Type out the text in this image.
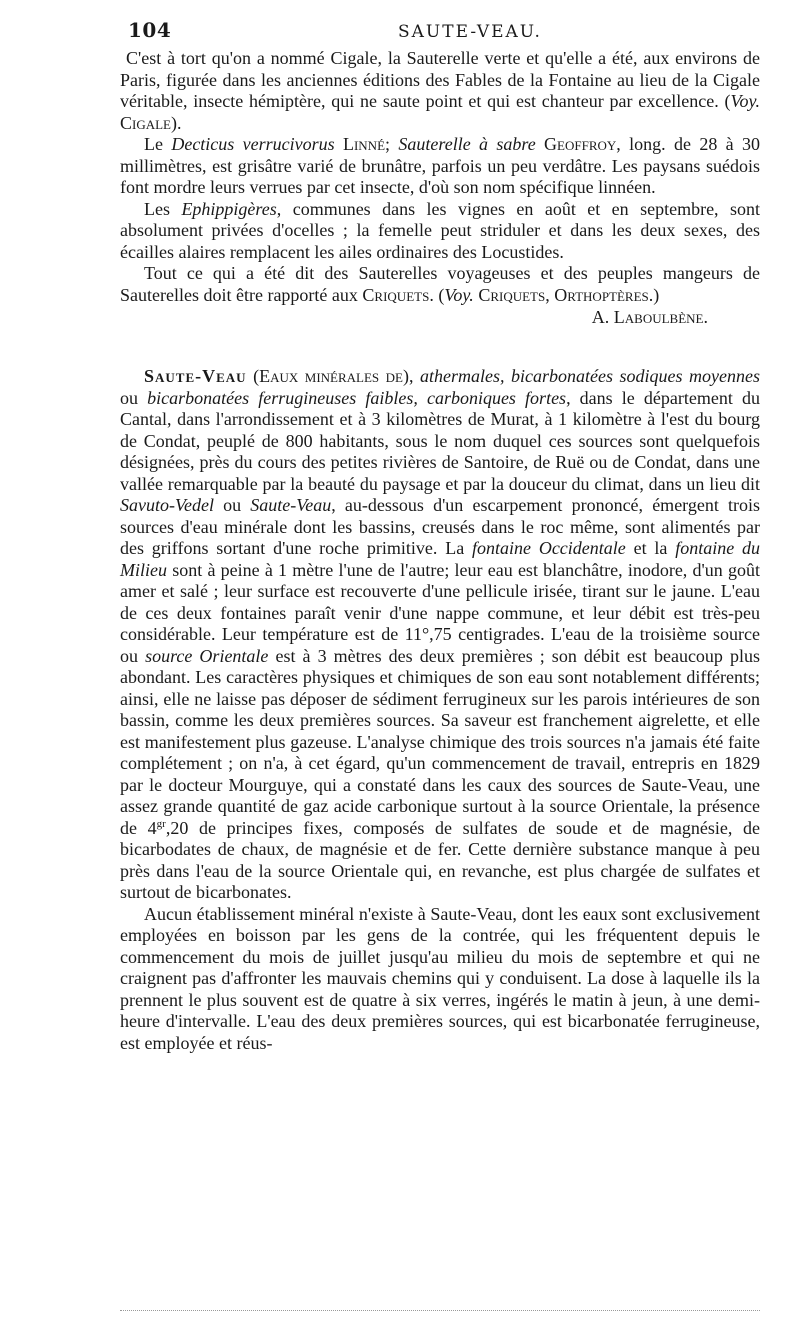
104	SAUTE-VEAU.

C'est à tort qu'on a nommé Cigale, la Sauterelle verte et qu'elle a été, aux environs de Paris, figurée dans les anciennes éditions des Fables de la Fontaine au lieu de la Cigale véritable, insecte hémiptère, qui ne saute point et qui est chanteur par excellence. (Voy. Cigale).

Le Decticus verrucivorus Linné; Sauterelle à sabre Geoffroy, long. de 28 à 30 millimètres, est grisâtre varié de brunâtre, parfois un peu verdâtre. Les paysans suédois font mordre leurs verrues par cet insecte, d'où son nom spécifique linnéen.

Les Ephippigères, communes dans les vignes en août et en septembre, sont absolument privées d'ocelles ; la femelle peut striduler et dans les deux sexes, des écailles alaires remplacent les ailes ordinaires des Locustides.

Tout ce qui a été dit des Sauterelles voyageuses et des peuples mangeurs de Sauterelles doit être rapporté aux Criquets. (Voy. Criquets, Orthoptères.)

A. Laboulbène.

Saute-Veau (Eaux minérales de), athermales, bicarbonatées sodiques moyennes ou bicarbonatées ferrugineuses faibles, carboniques fortes, dans le département du Cantal, dans l'arrondissement et à 3 kilomètres de Murat, à 1 kilomètre à l'est du bourg de Condat, peuplé de 800 habitants, sous le nom duquel ces sources sont quelquefois désignées, près du cours des petites rivières de Santoire, de Ruë ou de Condat, dans une vallée remarquable par la beauté du paysage et par la douceur du climat, dans un lieu dit Savuto-Vedel ou Saute-Veau, au-dessous d'un escarpement prononcé, émergent trois sources d'eau minérale dont les bassins, creusés dans le roc même, sont alimentés par des griffons sortant d'une roche primitive. La fontaine Occidentale et la fontaine du Milieu sont à peine à 1 mètre l'une de l'autre; leur eau est blanchâtre, inodore, d'un goût amer et salé ; leur surface est recouverte d'une pellicule irisée, tirant sur le jaune. L'eau de ces deux fontaines paraît venir d'une nappe commune, et leur débit est très-peu considérable. Leur température est de 11°,75 centigrades. L'eau de la troisième source ou source Orientale est à 3 mètres des deux premières ; son débit est beaucoup plus abondant. Les caractères physiques et chimiques de son eau sont notablement différents; ainsi, elle ne laisse pas déposer de sédiment ferrugineux sur les parois intérieures de son bassin, comme les deux premières sources. Sa saveur est franchement aigrelette, et elle est manifestement plus gazeuse. L'analyse chimique des trois sources n'a jamais été faite complétement ; on n'a, à cet égard, qu'un commencement de travail, entrepris en 1829 par le docteur Mourguye, qui a constaté dans les caux des sources de Saute-Veau, une assez grande quantité de gaz acide carbonique surtout à la source Orientale, la présence de $4^{gr},20$ de principes fixes, composés de sulfates de soude et de magnésie, de bicarbodates de chaux, de magnésie et de fer. Cette dernière substance manque à peu près dans l'eau de la source Orientale qui, en revanche, est plus chargée de sulfates et surtout de bicarbonates.

Aucun établissement minéral n'existe à Saute-Veau, dont les eaux sont exclusivement employées en boisson par les gens de la contrée, qui les fréquentent depuis le commencement du mois de juillet jusqu'au milieu du mois de septembre et qui ne craignent pas d'affronter les mauvais chemins qui y conduisent. La dose à laquelle ils la prennent le plus souvent est de quatre à six verres, ingérés le matin à jeun, à une demi-heure d'intervalle. L'eau des deux premières sources, qui est bicarbonatée ferrugineuse, est employée et réus-
